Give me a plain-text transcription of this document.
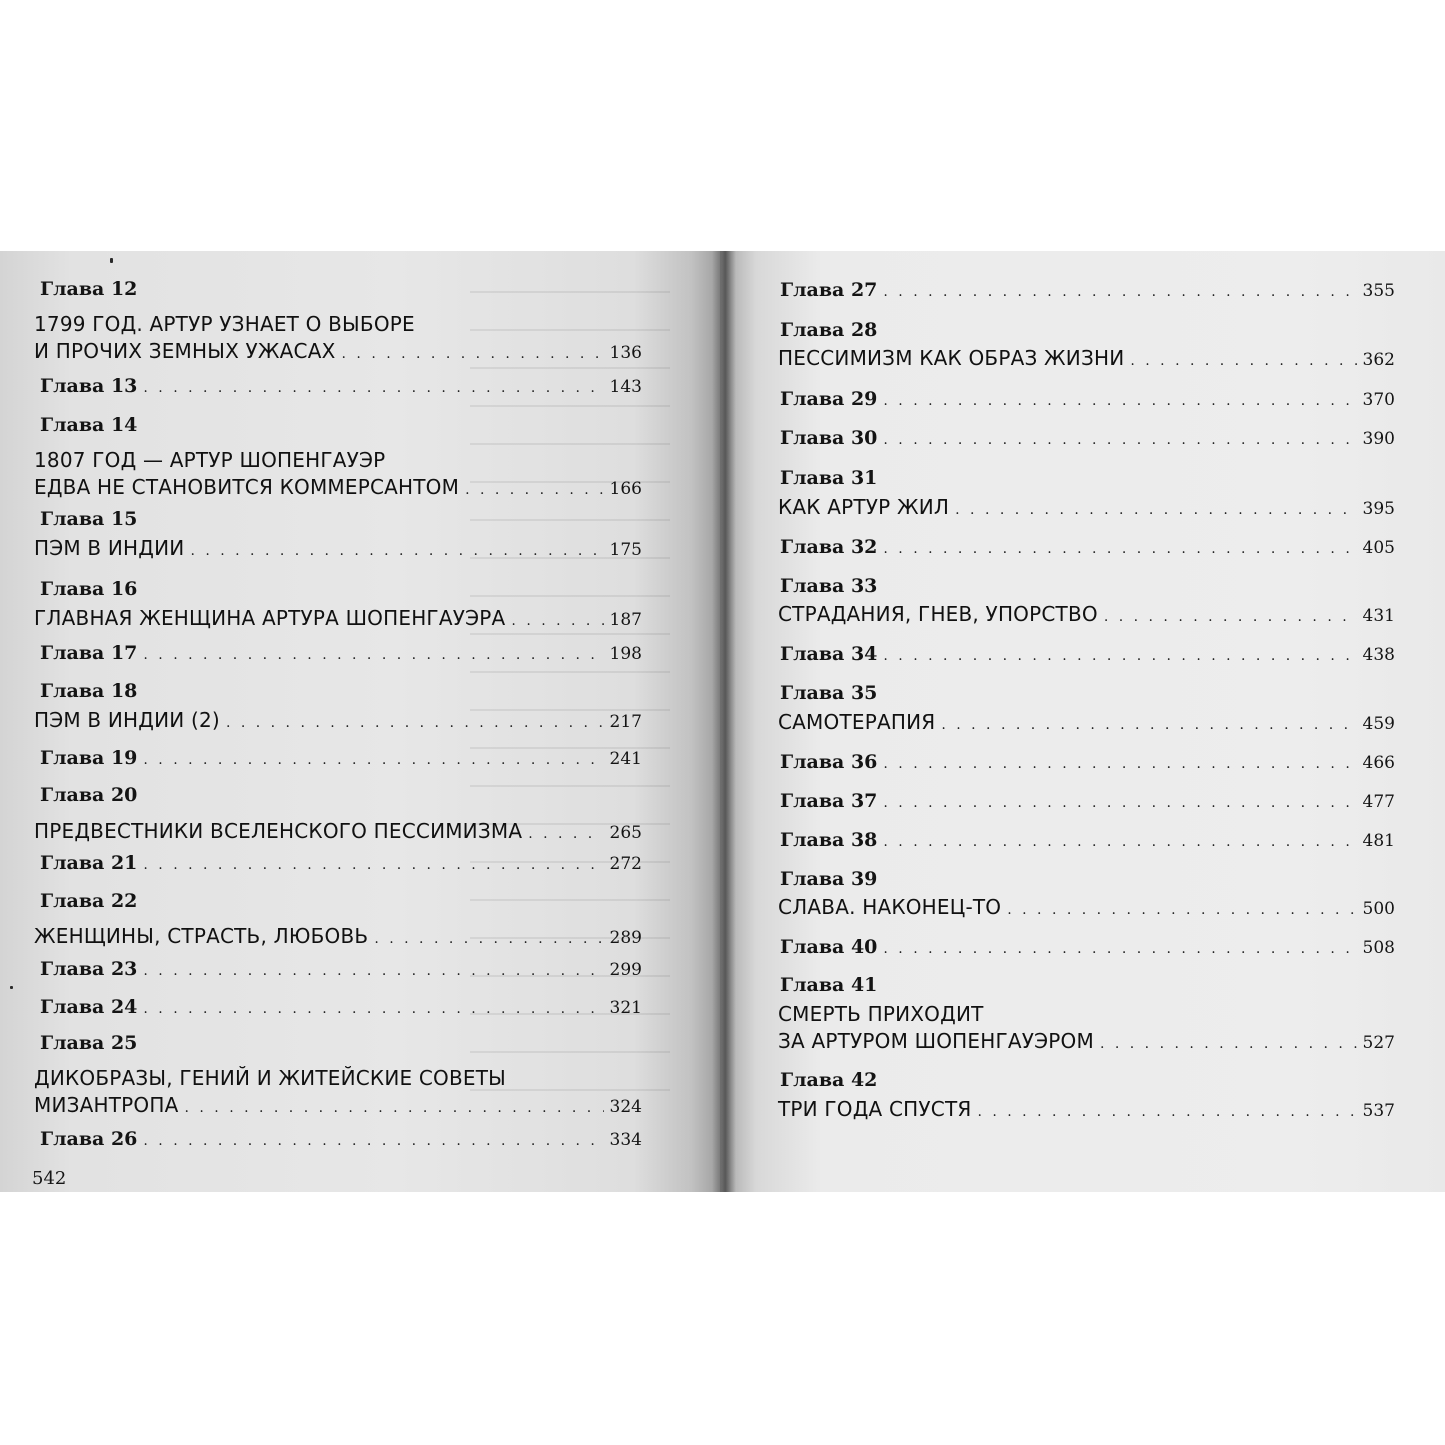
Глава 12
1799 ГОД. АРТУР УЗНАЕТ О ВЫБОРЕ
И ПРОЧИХ ЗЕМНЫХ УЖАСАХ . . .	136
Глава 13 . . .	143
Глава 14
1807 ГОД — АРТУР ШОПЕНГАУЭР
ЕДВА НЕ СТАНОВИТСЯ КОММЕРСАНТОМ . . .	166
Глава 15
ПЭМ В ИНДИИ . . .	175
Глава 16
ГЛАВНАЯ ЖЕНЩИНА АРТУРА ШОПЕНГАУЭРА . . .	187
Глава 17 . . .	198
Глава 18
ПЭМ В ИНДИИ (2) . . .	217
Глава 19 . . .	241
Глава 20
ПРЕДВЕСТНИКИ ВСЕЛЕНСКОГО ПЕССИМИЗМА . . .	265
Глава 21 . . .	272
Глава 22
ЖЕНЩИНЫ, СТРАСТЬ, ЛЮБОВЬ . . .	289
Глава 23 . . .	299
Глава 24 . . .	321
Глава 25
ДИКОБРАЗЫ, ГЕНИЙ И ЖИТЕЙСКИЕ СОВЕТЫ
МИЗАНТРОПА . . .	324
Глава 26 . . .	334
Глава 27 . . .	355
Глава 28
ПЕССИМИЗМ КАК ОБРАЗ ЖИЗНИ . . .	362
Глава 29 . . .	370
Глава 30 . . .	390
Глава 31
КАК АРТУР ЖИЛ . . .	395
Глава 32 . . .	405
Глава 33
СТРАДАНИЯ, ГНЕВ, УПОРСТВО . . .	431
Глава 34 . . .	438
Глава 35
САМОТЕРАПИЯ . . .	459
Глава 36 . . .	466
Глава 37 . . .	477
Глава 38 . . .	481
Глава 39
СЛАВА. НАКОНЕЦ-ТО . . .	500
Глава 40 . . .	508
Глава 41
СМЕРТЬ ПРИХОДИТ
ЗА АРТУРОМ ШОПЕНГАУЭРОМ . . .	527
Глава 42
ТРИ ГОДА СПУСТЯ . . .	537
542
